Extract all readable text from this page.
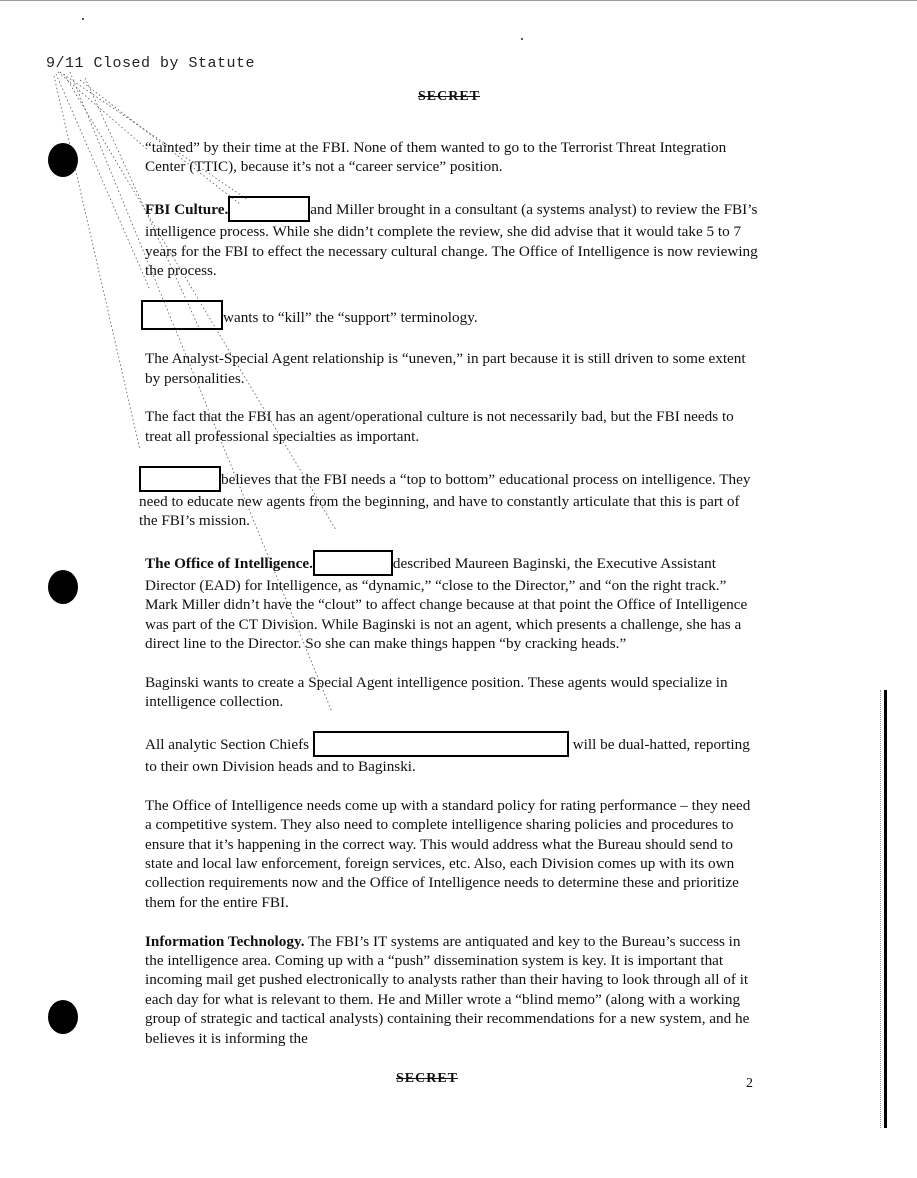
9/11 Closed by Statute
SECRET

“tainted” by their time at the FBI. None of them wanted to go to the Terrorist Threat Integration Center (TTIC), because it’s not a “career service” position.

FBI Culture.	and Miller brought in a consultant (a systems analyst) to review the FBI’s intelligence process. While she didn’t complete the review, she did advise that it would take 5 to 7 years for the FBI to effect the necessary cultural change. The Office of Intelligence is now reviewing the process.

wants to “kill” the “support” terminology.

The Analyst-Special Agent relationship is “uneven,” in part because it is still driven to some extent by personalities.

The fact that the FBI has an agent/operational culture is not necessarily bad, but the FBI needs to treat all professional specialties as important.

believes that the FBI needs a “top to bottom” educational process on intelligence. They need to educate new agents from the beginning, and have to constantly articulate that this is part of the FBI’s mission.

The Office of Intelligence.	described Maureen Baginski, the Executive Assistant Director (EAD) for Intelligence, as “dynamic,” “close to the Director,” and “on the right track.” Mark Miller didn’t have the “clout” to affect change because at that point the Office of Intelligence was part of the CT Division. While Baginski is not an agent, which presents a challenge, she has a direct line to the Director. So she can make things happen “by cracking heads.”

Baginski wants to create a Special Agent intelligence position. These agents would specialize in intelligence collection.

All analytic Section Chiefs	will be dual-hatted, reporting to their own Division heads and to Baginski.

The Office of Intelligence needs come up with a standard policy for rating performance – they need a competitive system. They also need to complete intelligence sharing policies and procedures to ensure that it’s happening in the correct way. This would address what the Bureau should send to state and local law enforcement, foreign services, etc. Also, each Division comes up with its own collection requirements now and the Office of Intelligence needs to determine these and prioritize them for the entire FBI.

Information Technology. The FBI’s IT systems are antiquated and key to the Bureau’s success in the intelligence area. Coming up with a “push” dissemination system is key. It is important that incoming mail get pushed electronically to analysts rather than their having to look through all of it each day for what is relevant to them. He and Miller wrote a “blind memo” (along with a working group of strategic and tactical analysts) containing their recommendations for a new system, and he believes it is informing the

SECRET	2
